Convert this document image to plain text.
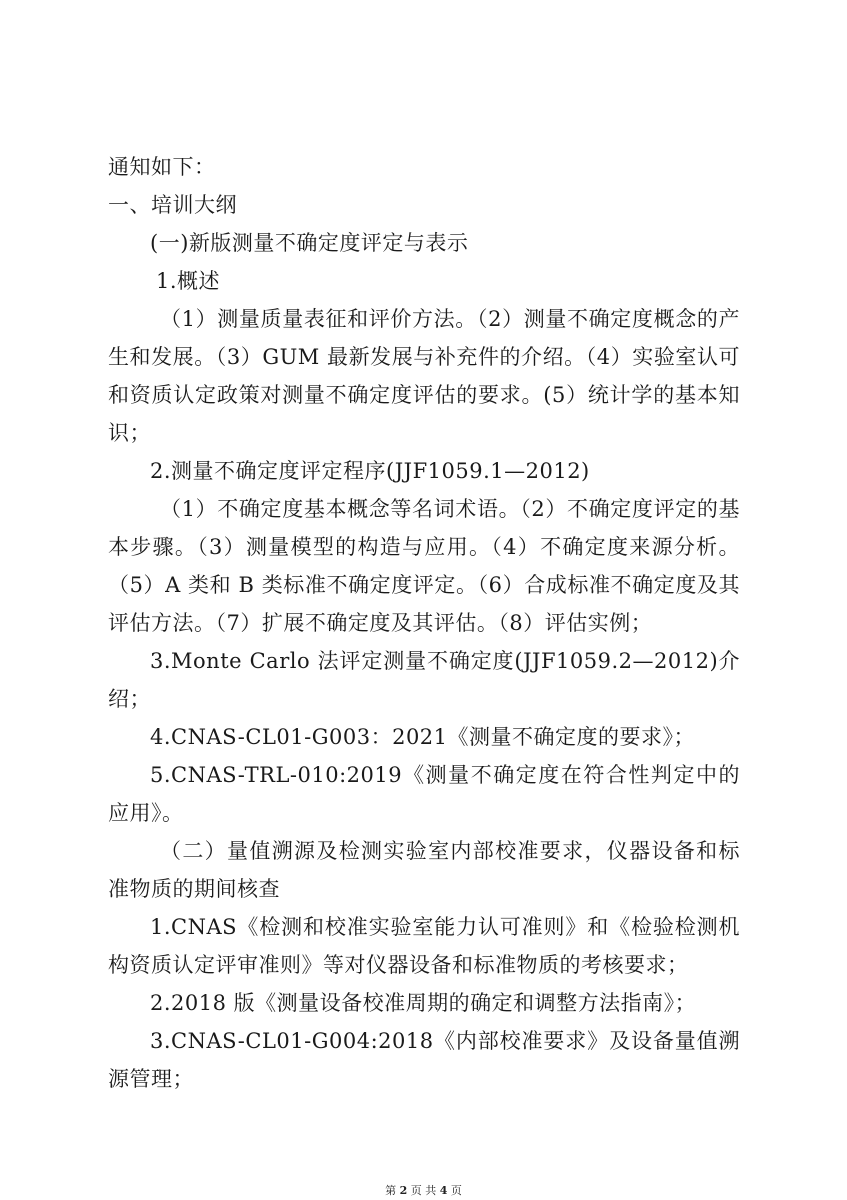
通知如下：
一、培训大纲
(一)新版测量不确定度评定与表示
1.概述
（1）测量质量表征和评价方法。（2）测量不确定度概念的产生和发展。（3）GUM 最新发展与补充件的介绍。（4）实验室认可和资质认定政策对测量不确定度评估的要求。(5）统计学的基本知识；
2.测量不确定度评定程序(JJF1059.1—2012)
（1）不确定度基本概念等名词术语。（2）不确定度评定的基本步骤。（3）测量模型的构造与应用。（4）不确定度来源分析。（5）A 类和 B 类标准不确定度评定。（6）合成标准不确定度及其评估方法。（7）扩展不确定度及其评估。（8）评估实例；
3.Monte Carlo 法评定测量不确定度(JJF1059.2—2012)介绍；
4.CNAS-CL01-G003：2021《测量不确定度的要求》；
5.CNAS-TRL-010:2019《测量不确定度在符合性判定中的应用》。
（二）量值溯源及检测实验室内部校准要求，仪器设备和标准物质的期间核查
1.CNAS《检测和校准实验室能力认可准则》和《检验检测机构资质认定评审准则》等对仪器设备和标准物质的考核要求；
2.2018 版《测量设备校准周期的确定和调整方法指南》；
3.CNAS-CL01-G004:2018《内部校准要求》及设备量值溯源管理；
第 2 页 共 4 页
